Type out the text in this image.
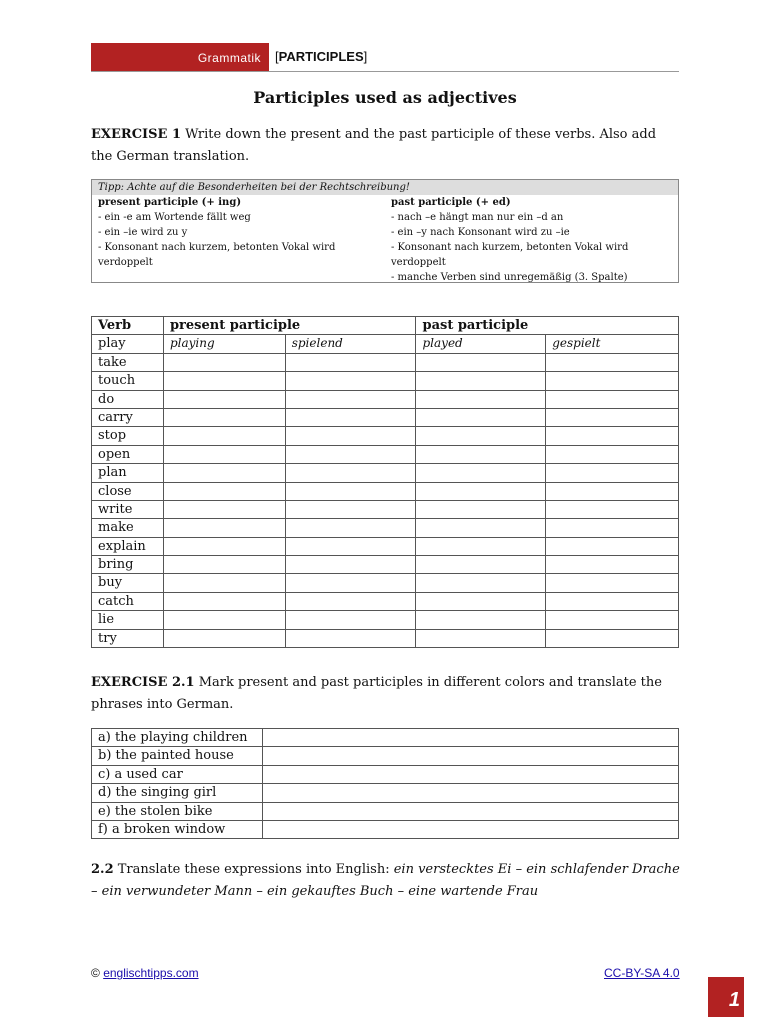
Grammatik	[PARTICIPLES]
Participles used as adjectives
EXERCISE 1 Write down the present and the past participle of these verbs. Also add the German translation.
Tipp: Achte auf die Besonderheiten bei der Rechtschreibung!
present participle (+ ing)
- ein -e am Wortende fällt weg
- ein –ie wird zu y
- Konsonant nach kurzem, betonten Vokal wird verdoppelt
past participle (+ ed)
- nach –e hängt man nur ein –d an
- ein –y nach Konsonant wird zu –ie
- Konsonant nach kurzem, betonten Vokal wird verdoppelt
- manche Verben sind unregemäßig (3. Spalte)
Verb	present participle		past participle	
play	playing	spielend	played	gespielt
take				
touch				
do				
carry				
stop				
open				
plan				
close				
write				
make				
explain				
bring				
buy				
catch				
lie				
try				
EXERCISE 2.1 Mark present and past participles in different colors and translate the phrases into German.
a) the playing children	
b) the painted house	
c) a used car	
d) the singing girl	
e) the stolen bike	
f) a broken window	
2.2 Translate these expressions into English: ein verstecktes Ei – ein schlafender Drache – ein verwundeter Mann – ein gekauftes Buch – eine wartende Frau
© englischtipps.com	CC-BY-SA 4.0
1
